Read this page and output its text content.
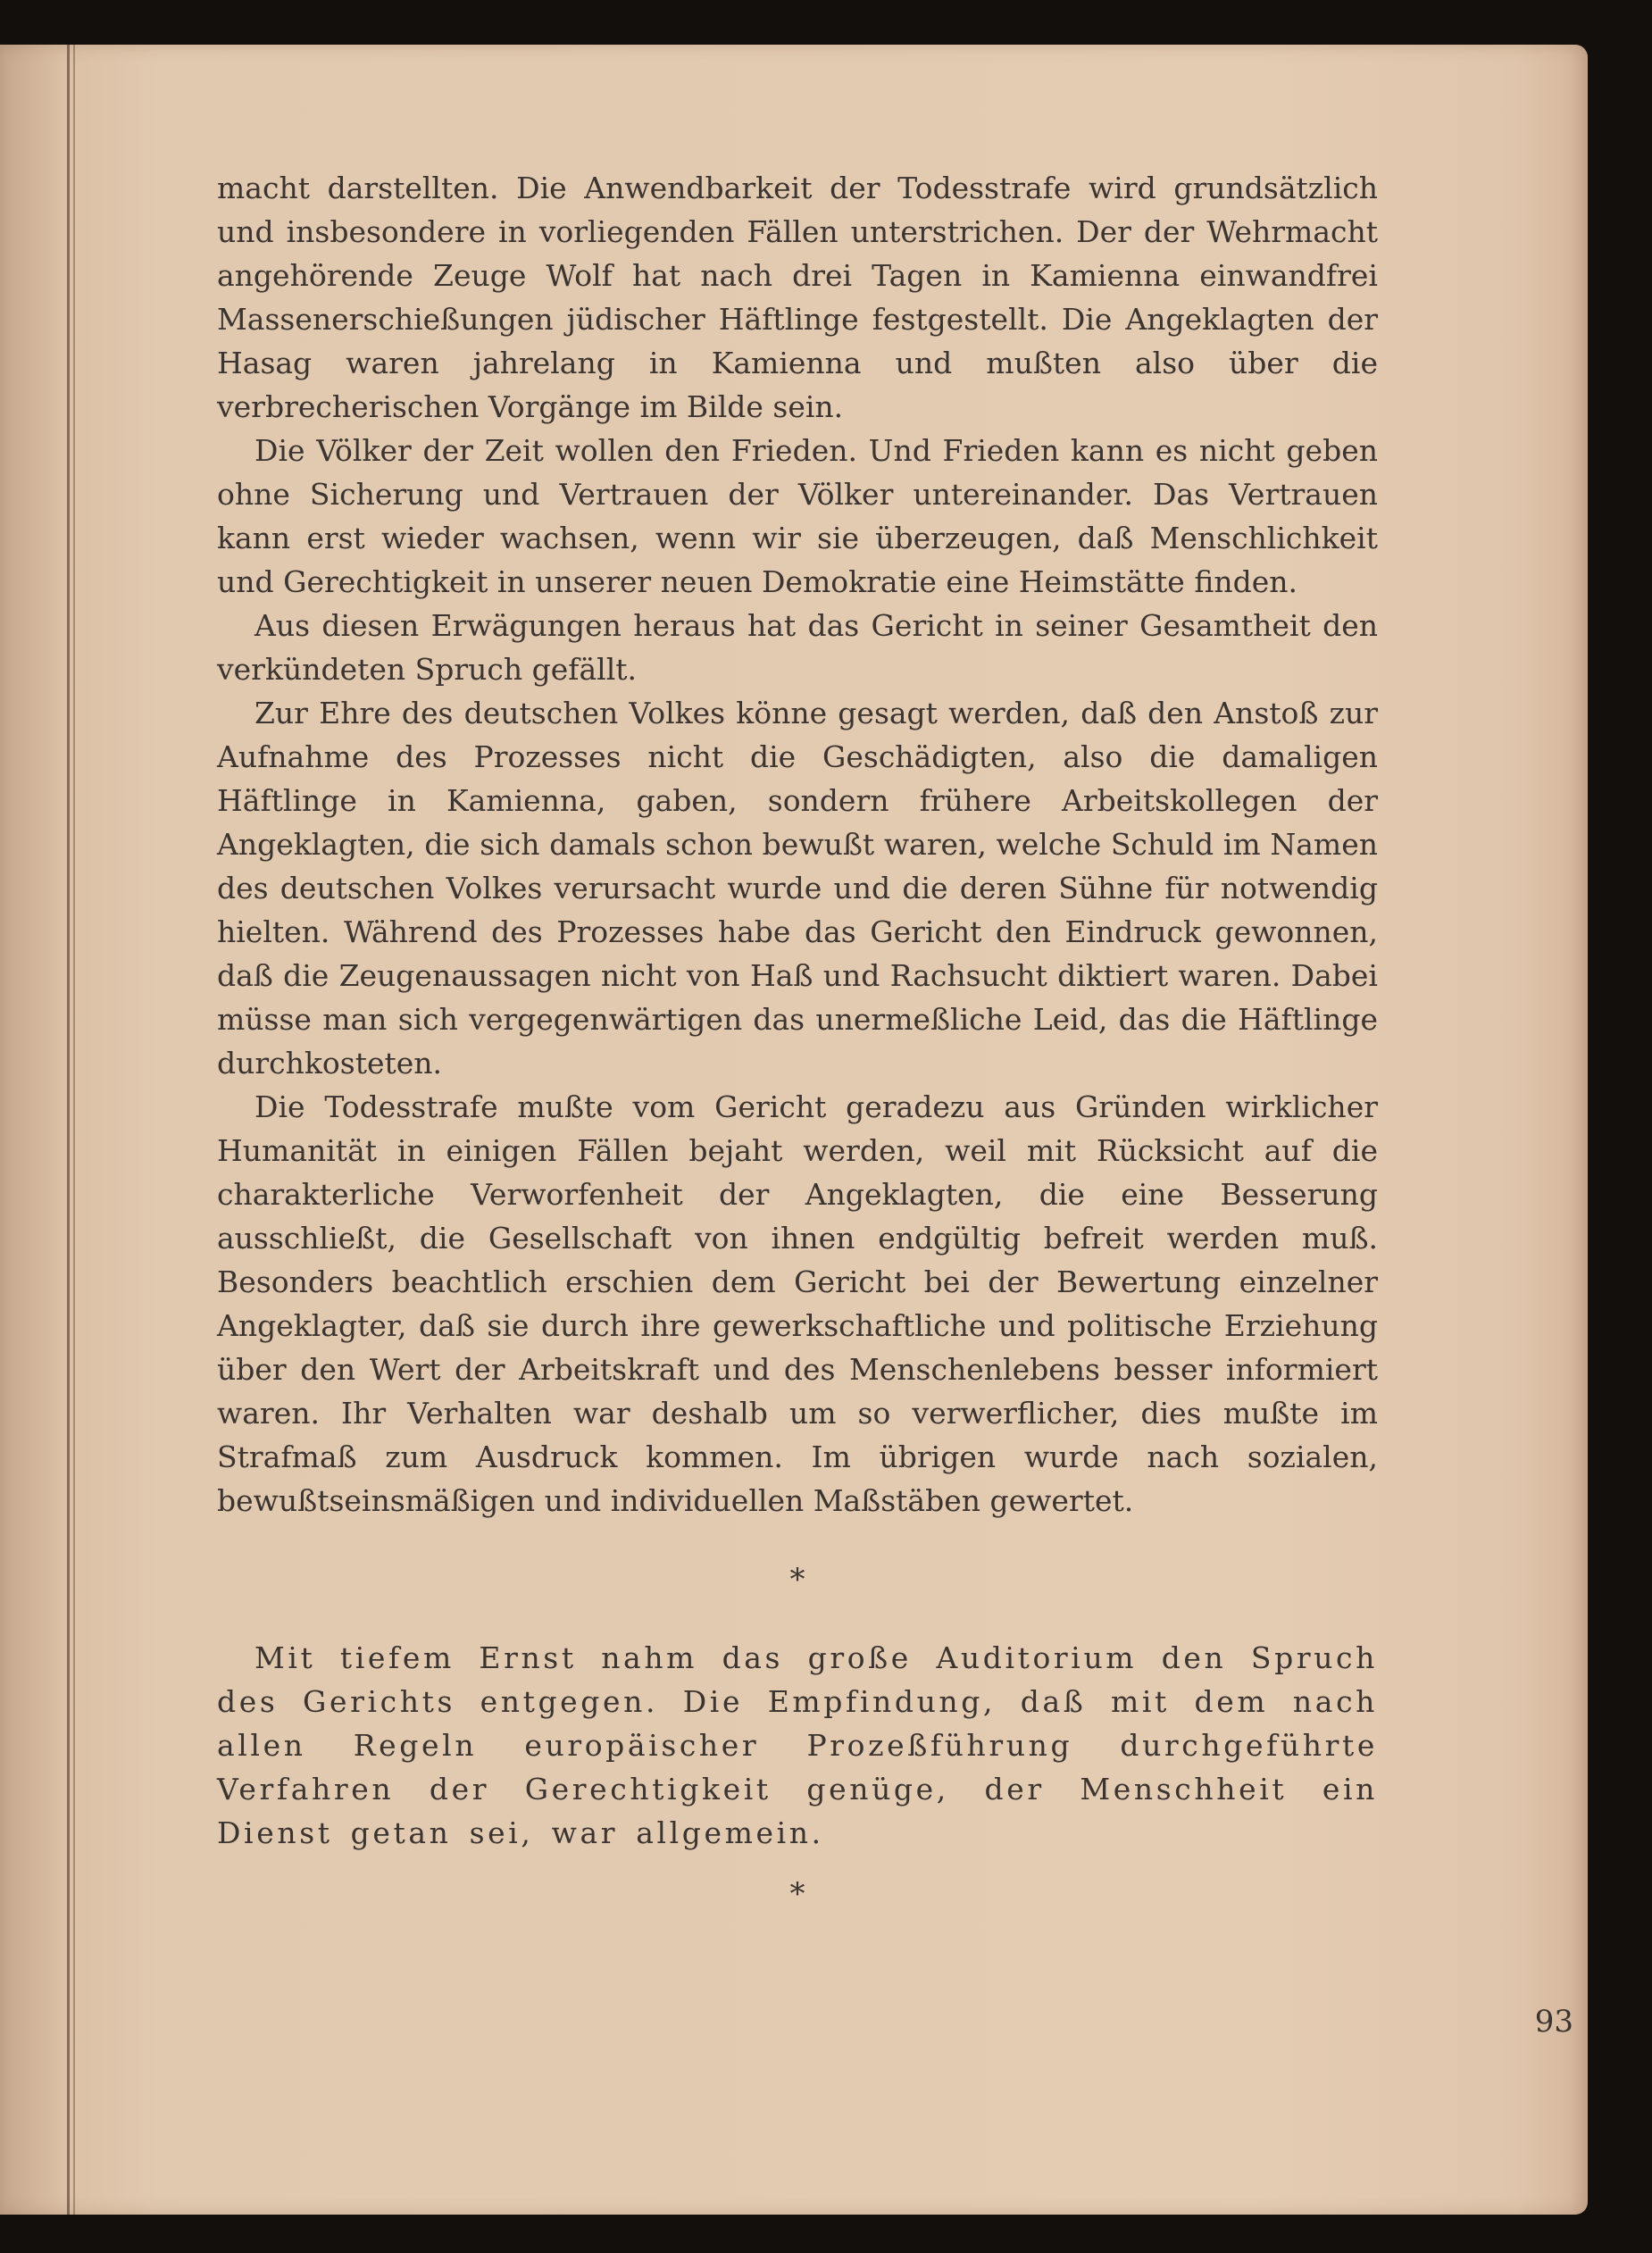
macht darstellten. Die Anwendbarkeit der Todesstrafe wird grundsätzlich und insbesondere in vorliegenden Fällen unterstrichen. Der der Wehrmacht angehörende Zeuge Wolf hat nach drei Tagen in Kamienna einwandfrei Massenerschießungen jüdischer Häftlinge festgestellt. Die Angeklagten der Hasag waren jahrelang in Kamienna und mußten also über die verbrecherischen Vorgänge im Bilde sein.

Die Völker der Zeit wollen den Frieden. Und Frieden kann es nicht geben ohne Sicherung und Vertrauen der Völker untereinander. Das Vertrauen kann erst wieder wachsen, wenn wir sie überzeugen, daß Menschlichkeit und Gerechtigkeit in unserer neuen Demokratie eine Heimstätte finden.

Aus diesen Erwägungen heraus hat das Gericht in seiner Gesamtheit den verkündeten Spruch gefällt.

Zur Ehre des deutschen Volkes könne gesagt werden, daß den Anstoß zur Aufnahme des Prozesses nicht die Geschädigten, also die damaligen Häftlinge in Kamienna, gaben, sondern frühere Arbeitskollegen der Angeklagten, die sich damals schon bewußt waren, welche Schuld im Namen des deutschen Volkes verursacht wurde und die deren Sühne für notwendig hielten. Während des Prozesses habe das Gericht den Eindruck gewonnen, daß die Zeugenaussagen nicht von Haß und Rachsucht diktiert waren. Dabei müsse man sich vergegenwärtigen das unermeßliche Leid, das die Häftlinge durchkosteten.

Die Todesstrafe mußte vom Gericht geradezu aus Gründen wirklicher Humanität in einigen Fällen bejaht werden, weil mit Rücksicht auf die charakterliche Verworfenheit der Angeklagten, die eine Besserung ausschließt, die Gesellschaft von ihnen endgültig befreit werden muß. Besonders beachtlich erschien dem Gericht bei der Bewertung einzelner Angeklagter, daß sie durch ihre gewerkschaftliche und politische Erziehung über den Wert der Arbeitskraft und des Menschenlebens besser informiert waren. Ihr Verhalten war deshalb um so verwerflicher, dies mußte im Strafmaß zum Ausdruck kommen. Im übrigen wurde nach sozialen, bewußtseinsmäßigen und individuellen Maßstäben gewertet.

*

Mit tiefem Ernst nahm das große Auditorium den Spruch des Gerichts entgegen. Die Empfindung, daß mit dem nach allen Regeln europäischer Prozeßführung durchgeführte Verfahren der Gerechtigkeit genüge, der Menschheit ein Dienst getan sei, war allgemein.

*
93
